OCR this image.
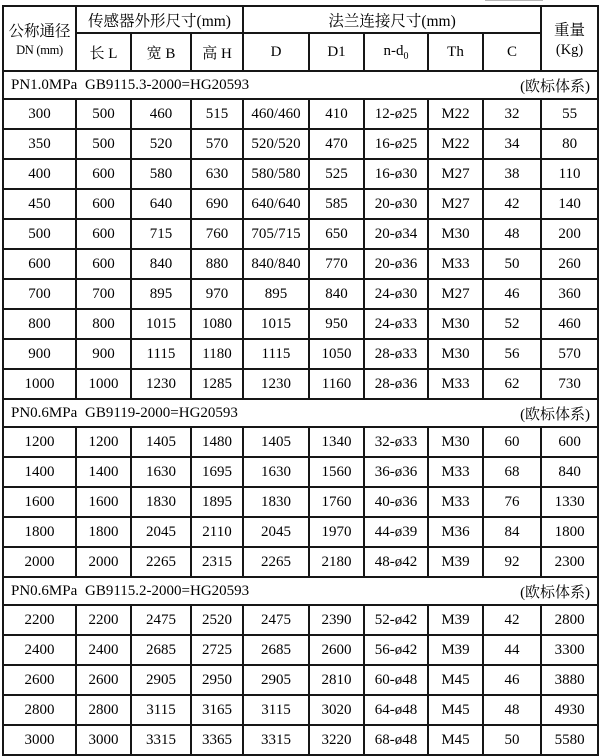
公称通径
DN (mm)
	传感器外形尺寸(mm)	法兰连接尺寸(mm)	
重量
(Kg)

	长 L	宽 B	高 H	D	D1	$n-d_0$	Th	C	

PN1.0MPa GB9115.3-2000=HG20593 (欧标体系)									

300	500	460	515	460/460	410	12-ø25	M22	32	55
350	500	520	570	520/520	470	16-ø25	M22	34	80
400	600	580	630	580/580	525	16-ø30	M27	38	110
450	600	640	690	640/640	585	20-ø30	M27	42	140
500	600	715	760	705/715	650	20-ø34	M30	48	200
600	600	840	880	840/840	770	20-ø36	M33	50	260
700	700	895	970	895	840	24-ø30	M27	46	360
800	800	1015	1080	1015	950	24-ø33	M30	52	460
900	900	1115	1180	1115	1050	28-ø33	M30	56	570
1000	1000	1230	1285	1230	1160	28-ø36	M33	62	730

PN0.6MPa GB9119-2000=HG20593 (欧标体系)									

1200	1200	1405	1480	1405	1340	32-ø33	M30	60	600
1400	1400	1630	1695	1630	1560	36-ø36	M33	68	840
1600	1600	1830	1895	1830	1760	40-ø36	M33	76	1330
1800	1800	2045	2110	2045	1970	44-ø39	M36	84	1800
2000	2000	2265	2315	2265	2180	48-ø42	M39	92	2300

PN0.6MPa GB9115.2-2000=HG20593 (欧标体系)									

2200	2200	2475	2520	2475	2390	52-ø42	M39	42	2800
2400	2400	2685	2725	2685	2600	56-ø42	M39	44	3300
2600	2600	2905	2950	2905	2810	60-ø48	M45	46	3880
2800	2800	3115	3165	3115	3020	64-ø48	M45	48	4930
3000	3000	3315	3365	3315	3220	68-ø48	M45	50	5580
